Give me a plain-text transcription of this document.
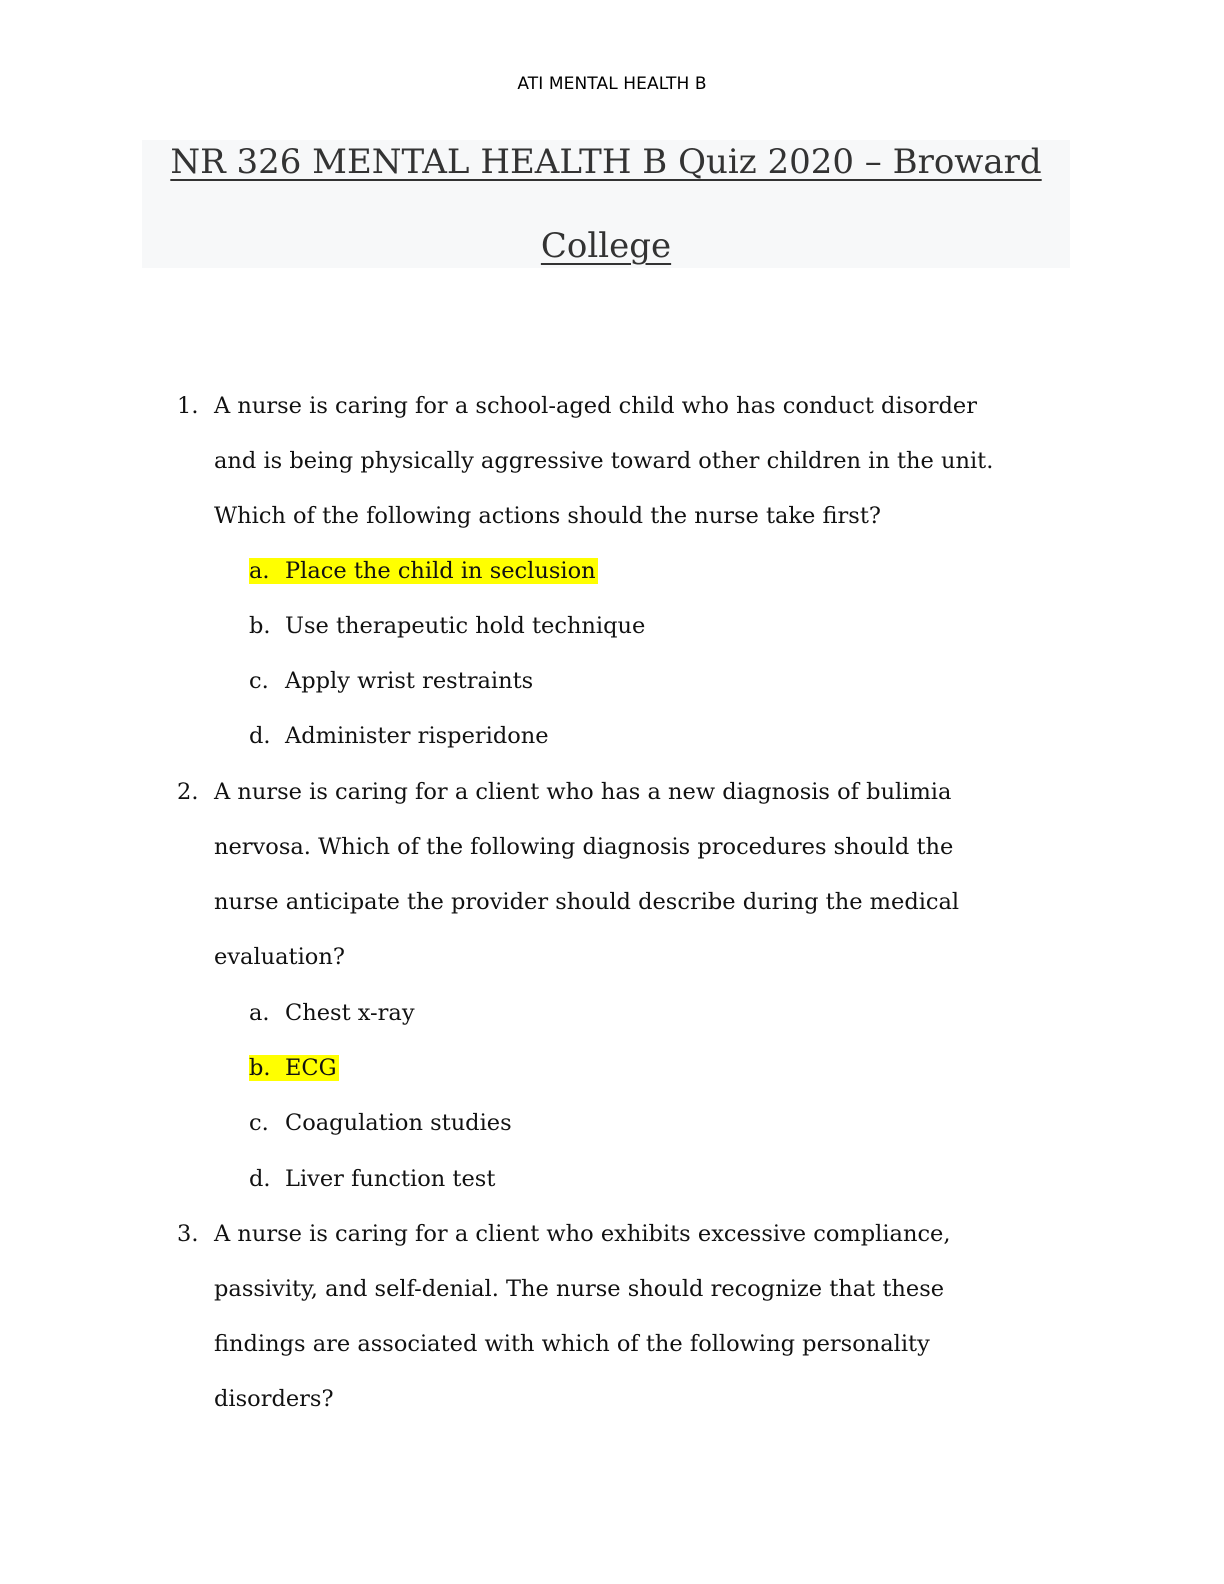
ATI MENTAL HEALTH B
NR 326 MENTAL HEALTH B Quiz 2020 – Broward
College
1. A nurse is caring for a school-aged child who has conduct disorder
and is being physically aggressive toward other children in the unit.
Which of the following actions should the nurse take first?
a. Place the child in seclusion
b. Use therapeutic hold technique
c. Apply wrist restraints
d. Administer risperidone
2. A nurse is caring for a client who has a new diagnosis of bulimia
nervosa. Which of the following diagnosis procedures should the
nurse anticipate the provider should describe during the medical
evaluation?
a. Chest x-ray
b. ECG
c. Coagulation studies
d. Liver function test
3. A nurse is caring for a client who exhibits excessive compliance,
passivity, and self-denial. The nurse should recognize that these
findings are associated with which of the following personality
disorders?
